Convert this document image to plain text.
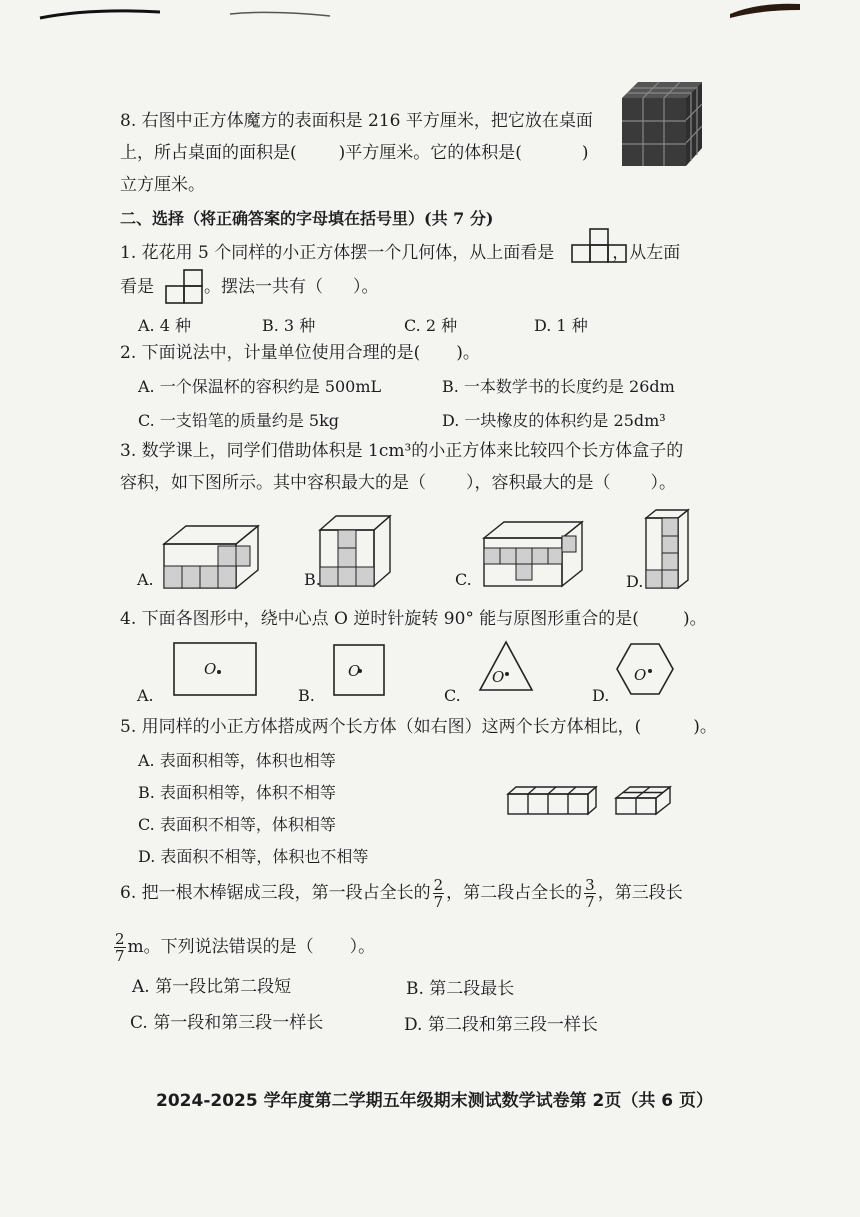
8. 右图中正方体魔方的表面积是 216 平方厘米，把它放在桌面
上，所占桌面的面积是( )平方厘米。它的体积是(	)
立方厘米。
二、选择（将正确答案的字母填在括号里）(共 7 分)
1. 花花用 5 个同样的小正方体摆一个几何体，从上面看是	，从左面
看是	。摆法一共有（ ）。
A. 4 种	B. 3 种	C. 2 种	D. 1 种
2. 下面说法中，计量单位使用合理的是( )。
A. 一个保温杯的容积约是 500mL	B. 一本数学书的长度约是 26dm
C. 一支铅笔的质量约是 5kg	D. 一块橡皮的体积约是 25dm³
3. 数学课上，同学们借助体积是 1cm³的小正方体来比较四个长方体盒子的
容积，如下图所示。其中容积最大的是（ ），容积最大的是（ ）。
A.	B.	C.	D.
4. 下面各图形中，绕中心点 O 逆时针旋转 90° 能与原图形重合的是(	)。
O
A.
O
B.
O
C.
O
D.
5. 用同样的小正方体搭成两个长方体（如右图）这两个长方体相比，(	)。
A. 表面积相等，体积也相等
B. 表面积相等，体积不相等
C. 表面积不相等，体积相等
D. 表面积不相等，体积也不相等
6. 把一根木棒锯成三段，第一段占全长的 $\frac{2}{7}$ ，第二段占全长的 $\frac{3}{7}$ ，第三段长
$\frac{2}{7}$ m。下列说法错误的是（ ）。
A. 第一段比第二段短	B. 第二段最长
C. 第一段和第三段一样长	D. 第二段和第三段一样长
2024-2025 学年度第二学期五年级期末测试数学试卷第 2页（共 6 页）
